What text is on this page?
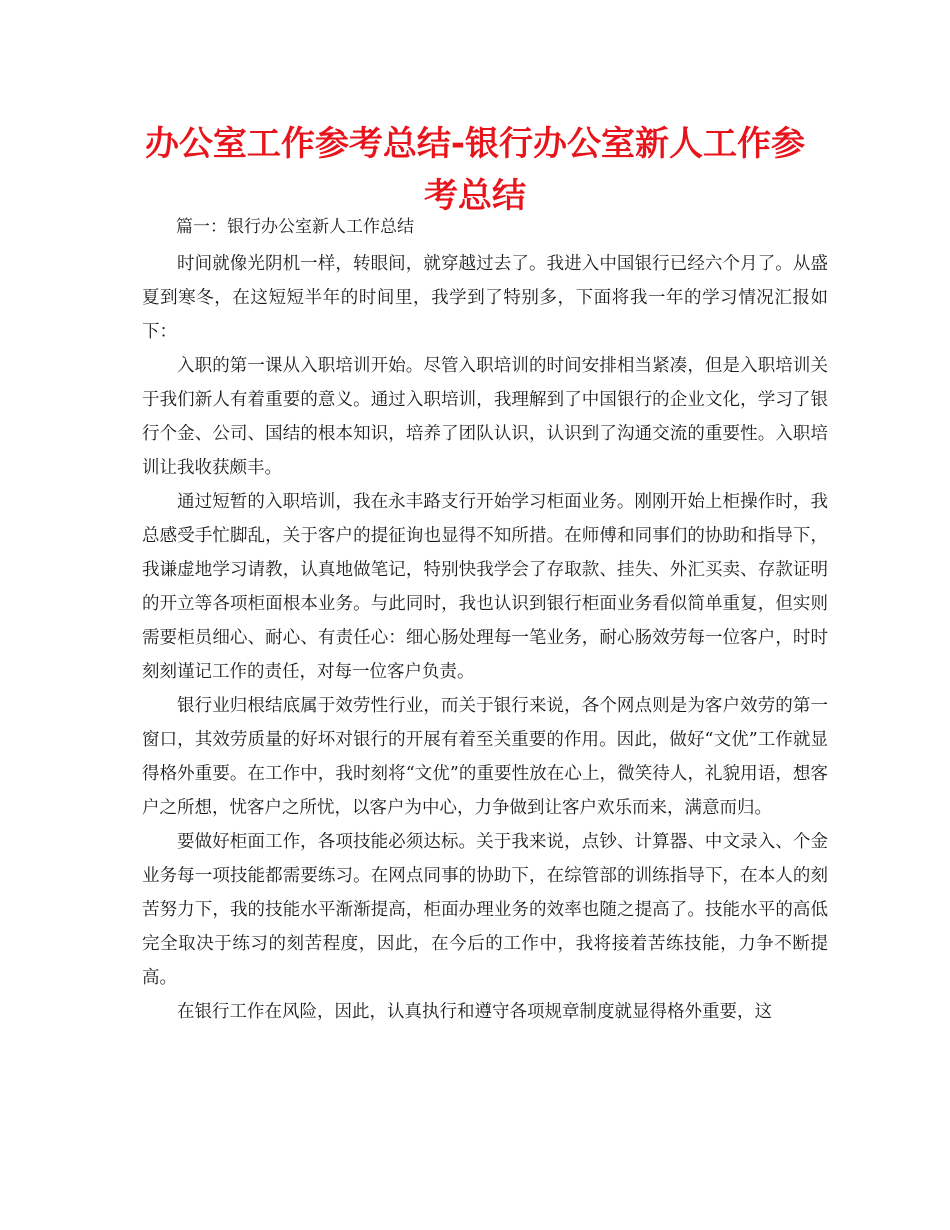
办公室工作参考总结-银行办公室新人工作参考总结

篇一：银行办公室新人工作总结

时间就像光阴机一样，转眼间，就穿越过去了。我进入中国银行已经六个月了。从盛夏到寒冬，在这短短半年的时间里，我学到了特别多，下面将我一年的学习情况汇报如下：

入职的第一课从入职培训开始。尽管入职培训的时间安排相当紧凑，但是入职培训关于我们新人有着重要的意义。通过入职培训，我理解到了中国银行的企业文化，学习了银行个金、公司、国结的根本知识，培养了团队认识，认识到了沟通交流的重要性。入职培训让我收获颇丰。

通过短暂的入职培训，我在永丰路支行开始学习柜面业务。刚刚开始上柜操作时，我总感受手忙脚乱，关于客户的提征询也显得不知所措。在师傅和同事们的协助和指导下，我谦虚地学习请教，认真地做笔记，特别快我学会了存取款、挂失、外汇买卖、存款证明的开立等各项柜面根本业务。与此同时，我也认识到银行柜面业务看似简单重复，但实则需要柜员细心、耐心、有责任心：细心肠处理每一笔业务，耐心肠效劳每一位客户，时时刻刻谨记工作的责任，对每一位客户负责。

银行业归根结底属于效劳性行业，而关于银行来说，各个网点则是为客户效劳的第一窗口，其效劳质量的好坏对银行的开展有着至关重要的作用。因此，做好“文优”工作就显得格外重要。在工作中，我时刻将“文优”的重要性放在心上，微笑待人，礼貌用语，想客户之所想，忧客户之所忧，以客户为中心，力争做到让客户欢乐而来，满意而归。

要做好柜面工作，各项技能必须达标。关于我来说，点钞、计算器、中文录入、个金业务每一项技能都需要练习。在网点同事的协助下，在综管部的训练指导下，在本人的刻苦努力下，我的技能水平渐渐提高，柜面办理业务的效率也随之提高了。技能水平的高低完全取决于练习的刻苦程度，因此，在今后的工作中，我将接着苦练技能，力争不断提高。

在银行工作在风险，因此，认真执行和遵守各项规章制度就显得格外重要，这
